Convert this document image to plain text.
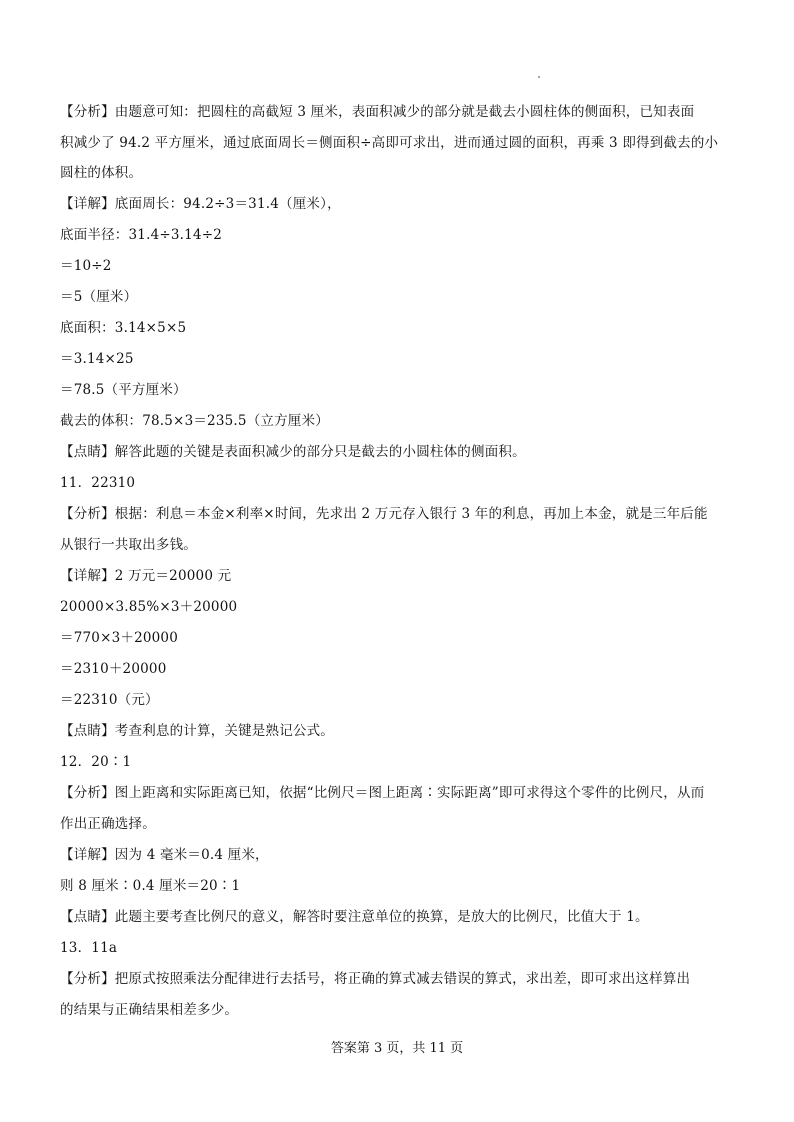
【分析】由题意可知：把圆柱的高截短 3 厘米，表面积减少的部分就是截去小圆柱体的侧面积，已知表面
积减少了 94.2 平方厘米，通过底面周长＝侧面积÷高即可求出，进而通过圆的面积，再乘 3 即得到截去的小
圆柱的体积。
【详解】底面周长：94.2÷3＝31.4（厘米），
底面半径：31.4÷3.14÷2
＝10÷2
＝5（厘米）
底面积：3.14×5×5
＝3.14×25
＝78.5（平方厘米）
截去的体积：78.5×3＝235.5（立方厘米）
【点睛】解答此题的关键是表面积减少的部分只是截去的小圆柱体的侧面积。
11．22310
【分析】根据：利息＝本金×利率×时间，先求出 2 万元存入银行 3 年的利息，再加上本金，就是三年后能
从银行一共取出多钱。
【详解】2 万元＝20000 元
20000×3.85%×3＋20000
＝770×3＋20000
＝2310＋20000
＝22310（元）
【点睛】考查利息的计算，关键是熟记公式。
12．20∶1
【分析】图上距离和实际距离已知，依据“比例尺＝图上距离∶实际距离”即可求得这个零件的比例尺，从而
作出正确选择。
【详解】因为 4 毫米＝0.4 厘米，
则 8 厘米∶0.4 厘米＝20∶1
【点睛】此题主要考查比例尺的意义，解答时要注意单位的换算，是放大的比例尺，比值大于 1。
13．11a
【分析】把原式按照乘法分配律进行去括号，将正确的算式减去错误的算式，求出差，即可求出这样算出
的结果与正确结果相差多少。
答案第 3 页，共 11 页
